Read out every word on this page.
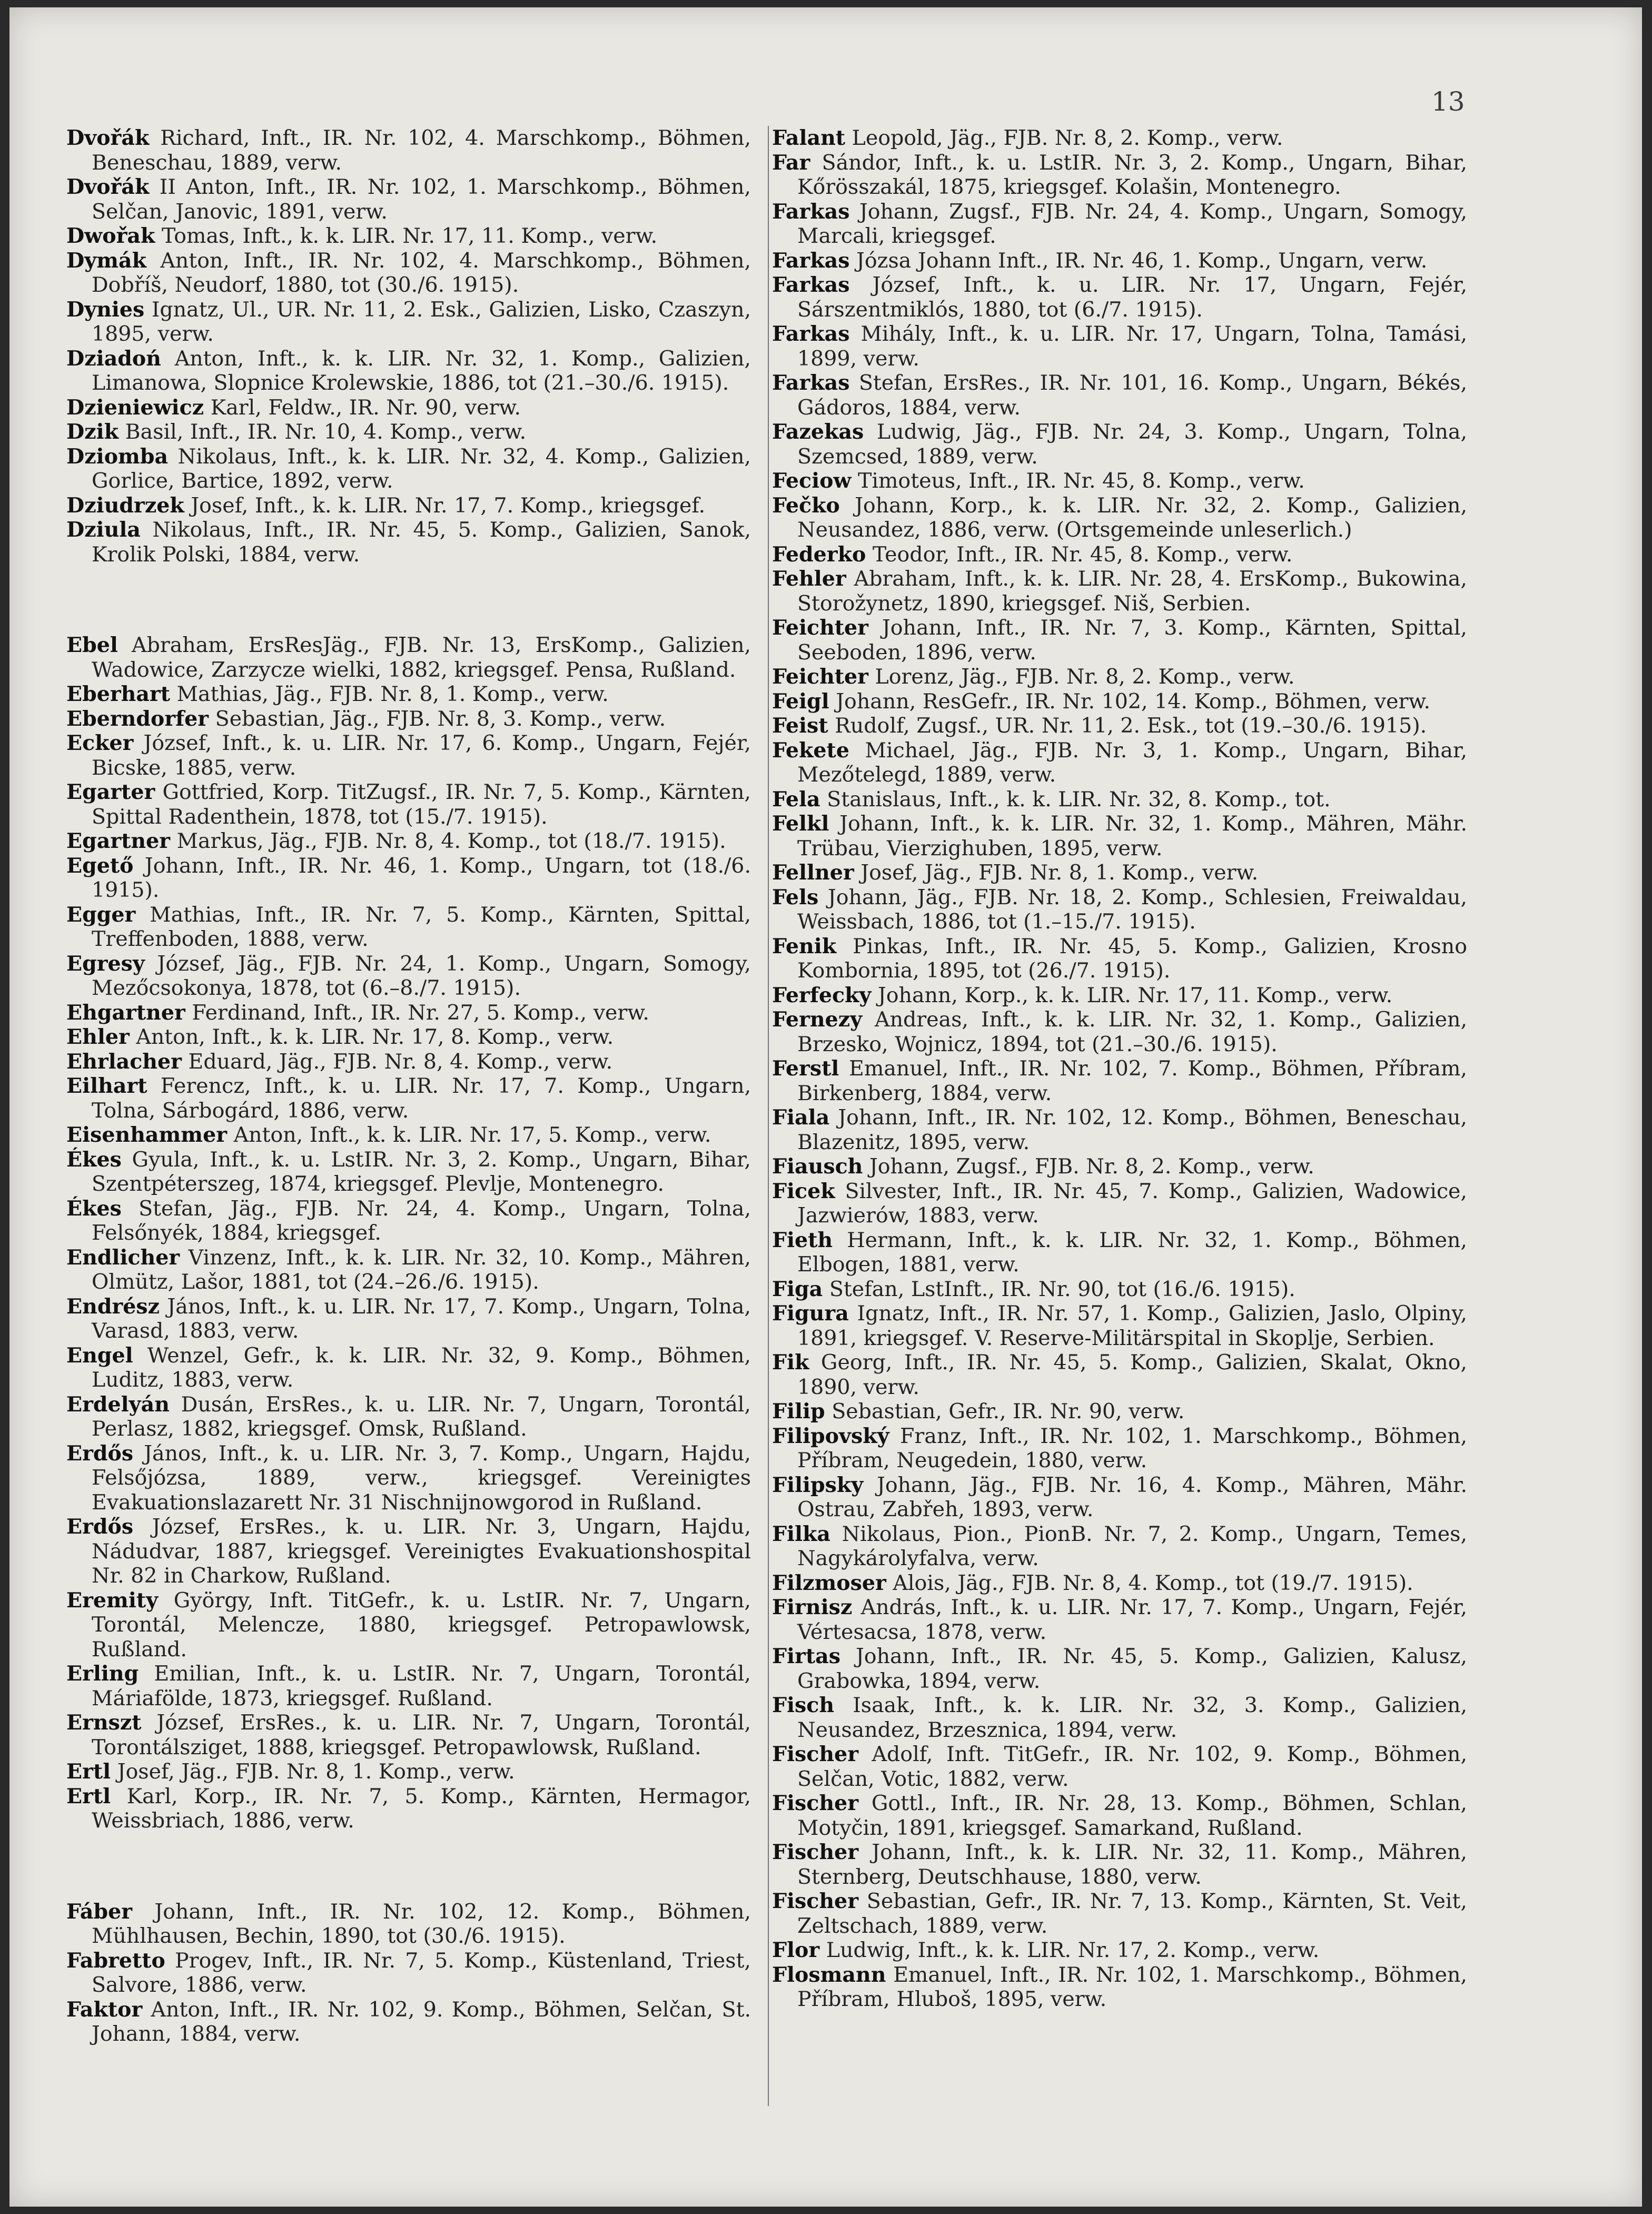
13
Dvořák Richard, Inft., IR. Nr. 102, 4. Marschkomp., Böhmen, Beneschau, 1889, verw.
Dvořák II Anton, Inft., IR. Nr. 102, 1. Marschkomp., Böhmen, Selčan, Janovic, 1891, verw.
Dwořak Tomas, Inft., k. k. LIR. Nr. 17, 11. Komp., verw.
Dymák Anton, Inft., IR. Nr. 102, 4. Marschkomp., Böhmen, Dobříš, Neudorf, 1880, tot (30./6. 1915).
Dynies Ignatz, Ul., UR. Nr. 11, 2. Esk., Galizien, Lisko, Czaszyn, 1895, verw.
Dziadoń Anton, Inft., k. k. LIR. Nr. 32, 1. Komp., Galizien, Limanowa, Slopnice Krolewskie, 1886, tot (21.–30./6. 1915).
Dzieniewicz Karl, Feldw., IR. Nr. 90, verw.
Dzik Basil, Inft., IR. Nr. 10, 4. Komp., verw.
Dziomba Nikolaus, Inft., k. k. LIR. Nr. 32, 4. Komp., Galizien, Gorlice, Bartice, 1892, verw.
Dziudrzek Josef, Inft., k. k. LIR. Nr. 17, 7. Komp., kriegsgef.
Dziula Nikolaus, Inft., IR. Nr. 45, 5. Komp., Galizien, Sanok, Krolik Polski, 1884, verw.
Ebel Abraham, ErsResJäg., FJB. Nr. 13, ErsKomp., Galizien, Wadowice, Zarzycze wielki, 1882, kriegsgef. Pensa, Rußland.
Eberhart Mathias, Jäg., FJB. Nr. 8, 1. Komp., verw.
Eberndorfer Sebastian, Jäg., FJB. Nr. 8, 3. Komp., verw.
Ecker József, Inft., k. u. LIR. Nr. 17, 6. Komp., Ungarn, Fejér, Bicske, 1885, verw.
Egarter Gottfried, Korp. TitZugsf., IR. Nr. 7, 5. Komp., Kärnten, Spittal Radenthein, 1878, tot (15./7. 1915).
Egartner Markus, Jäg., FJB. Nr. 8, 4. Komp., tot (18./7. 1915).
Egető Johann, Inft., IR. Nr. 46, 1. Komp., Ungarn, tot (18./6. 1915).
Egger Mathias, Inft., IR. Nr. 7, 5. Komp., Kärnten, Spittal, Treffenboden, 1888, verw.
Egresy József, Jäg., FJB. Nr. 24, 1. Komp., Ungarn, Somogy, Mezőcsokonya, 1878, tot (6.–8./7. 1915).
Ehgartner Ferdinand, Inft., IR. Nr. 27, 5. Komp., verw.
Ehler Anton, Inft., k. k. LIR. Nr. 17, 8. Komp., verw.
Ehrlacher Eduard, Jäg., FJB. Nr. 8, 4. Komp., verw.
Eilhart Ferencz, Inft., k. u. LIR. Nr. 17, 7. Komp., Ungarn, Tolna, Sárbogárd, 1886, verw.
Eisenhammer Anton, Inft., k. k. LIR. Nr. 17, 5. Komp., verw.
Ékes Gyula, Inft., k. u. LstIR. Nr. 3, 2. Komp., Ungarn, Bihar, Szentpéterszeg, 1874, kriegsgef. Plevlje, Montenegro.
Ékes Stefan, Jäg., FJB. Nr. 24, 4. Komp., Ungarn, Tolna, Felsőnyék, 1884, kriegsgef.
Endlicher Vinzenz, Inft., k. k. LIR. Nr. 32, 10. Komp., Mähren, Olmütz, Lašor, 1881, tot (24.–26./6. 1915).
Endrész János, Inft., k. u. LIR. Nr. 17, 7. Komp., Ungarn, Tolna, Varasd, 1883, verw.
Engel Wenzel, Gefr., k. k. LIR. Nr. 32, 9. Komp., Böhmen, Luditz, 1883, verw.
Erdelyán Dusán, ErsRes., k. u. LIR. Nr. 7, Ungarn, Torontál, Perlasz, 1882, kriegsgef. Omsk, Rußland.
Erdős János, Inft., k. u. LIR. Nr. 3, 7. Komp., Ungarn, Hajdu, Felsőjózsa, 1889, verw., kriegsgef. Vereinigtes Evakuationslazarett Nr. 31 Nischnijnowgorod in Rußland.
Erdős József, ErsRes., k. u. LIR. Nr. 3, Ungarn, Hajdu, Nádudvar, 1887, kriegsgef. Vereinigtes Evakuationshospital Nr. 82 in Charkow, Rußland.
Eremity György, Inft. TitGefr., k. u. LstIR. Nr. 7, Ungarn, Torontál, Melencze, 1880, kriegsgef. Petropawlowsk, Rußland.
Erling Emilian, Inft., k. u. LstIR. Nr. 7, Ungarn, Torontál, Máriafölde, 1873, kriegsgef. Rußland.
Ernszt József, ErsRes., k. u. LIR. Nr. 7, Ungarn, Torontál, Torontálsziget, 1888, kriegsgef. Petropawlowsk, Rußland.
Ertl Josef, Jäg., FJB. Nr. 8, 1. Komp., verw.
Ertl Karl, Korp., IR. Nr. 7, 5. Komp., Kärnten, Hermagor, Weissbriach, 1886, verw.
Fáber Johann, Inft., IR. Nr. 102, 12. Komp., Böhmen, Mühlhausen, Bechin, 1890, tot (30./6. 1915).
Fabretto Progev, Inft., IR. Nr. 7, 5. Komp., Küstenland, Triest, Salvore, 1886, verw.
Faktor Anton, Inft., IR. Nr. 102, 9. Komp., Böhmen, Selčan, St. Johann, 1884, verw.
Falant Leopold, Jäg., FJB. Nr. 8, 2. Komp., verw.
Far Sándor, Inft., k. u. LstIR. Nr. 3, 2. Komp., Ungarn, Bihar, Kőrösszakál, 1875, kriegsgef. Kolašin, Montenegro.
Farkas Johann, Zugsf., FJB. Nr. 24, 4. Komp., Ungarn, Somogy, Marcali, kriegsgef.
Farkas Józsa Johann Inft., IR. Nr. 46, 1. Komp., Ungarn, verw.
Farkas József, Inft., k. u. LIR. Nr. 17, Ungarn, Fejér, Sárszentmiklós, 1880, tot (6./7. 1915).
Farkas Mihály, Inft., k. u. LIR. Nr. 17, Ungarn, Tolna, Tamási, 1899, verw.
Farkas Stefan, ErsRes., IR. Nr. 101, 16. Komp., Ungarn, Békés, Gádoros, 1884, verw.
Fazekas Ludwig, Jäg., FJB. Nr. 24, 3. Komp., Ungarn, Tolna, Szemcsed, 1889, verw.
Feciow Timoteus, Inft., IR. Nr. 45, 8. Komp., verw.
Fečko Johann, Korp., k. k. LIR. Nr. 32, 2. Komp., Galizien, Neusandez, 1886, verw. (Ortsgemeinde unleserlich.)
Federko Teodor, Inft., IR. Nr. 45, 8. Komp., verw.
Fehler Abraham, Inft., k. k. LIR. Nr. 28, 4. ErsKomp., Bukowina, Storožynetz, 1890, kriegsgef. Niš, Serbien.
Feichter Johann, Inft., IR. Nr. 7, 3. Komp., Kärnten, Spittal, Seeboden, 1896, verw.
Feichter Lorenz, Jäg., FJB. Nr. 8, 2. Komp., verw.
Feigl Johann, ResGefr., IR. Nr. 102, 14. Komp., Böhmen, verw.
Feist Rudolf, Zugsf., UR. Nr. 11, 2. Esk., tot (19.–30./6. 1915).
Fekete Michael, Jäg., FJB. Nr. 3, 1. Komp., Ungarn, Bihar, Mezőtelegd, 1889, verw.
Fela Stanislaus, Inft., k. k. LIR. Nr. 32, 8. Komp., tot.
Felkl Johann, Inft., k. k. LIR. Nr. 32, 1. Komp., Mähren, Mähr. Trübau, Vierzighuben, 1895, verw.
Fellner Josef, Jäg., FJB. Nr. 8, 1. Komp., verw.
Fels Johann, Jäg., FJB. Nr. 18, 2. Komp., Schlesien, Freiwaldau, Weissbach, 1886, tot (1.–15./7. 1915).
Fenik Pinkas, Inft., IR. Nr. 45, 5. Komp., Galizien, Krosno Kombornia, 1895, tot (26./7. 1915).
Ferfecky Johann, Korp., k. k. LIR. Nr. 17, 11. Komp., verw.
Fernezy Andreas, Inft., k. k. LIR. Nr. 32, 1. Komp., Galizien, Brzesko, Wojnicz, 1894, tot (21.–30./6. 1915).
Ferstl Emanuel, Inft., IR. Nr. 102, 7. Komp., Böhmen, Příbram, Birkenberg, 1884, verw.
Fiala Johann, Inft., IR. Nr. 102, 12. Komp., Böhmen, Beneschau, Blazenitz, 1895, verw.
Fiausch Johann, Zugsf., FJB. Nr. 8, 2. Komp., verw.
Ficek Silvester, Inft., IR. Nr. 45, 7. Komp., Galizien, Wadowice, Jazwierów, 1883, verw.
Fieth Hermann, Inft., k. k. LIR. Nr. 32, 1. Komp., Böhmen, Elbogen, 1881, verw.
Figa Stefan, LstInft., IR. Nr. 90, tot (16./6. 1915).
Figura Ignatz, Inft., IR. Nr. 57, 1. Komp., Galizien, Jaslo, Olpiny, 1891, kriegsgef. V. Reserve-Militärspital in Skoplje, Serbien.
Fik Georg, Inft., IR. Nr. 45, 5. Komp., Galizien, Skalat, Okno, 1890, verw.
Filip Sebastian, Gefr., IR. Nr. 90, verw.
Filipovský Franz, Inft., IR. Nr. 102, 1. Marschkomp., Böhmen, Příbram, Neugedein, 1880, verw.
Filipsky Johann, Jäg., FJB. Nr. 16, 4. Komp., Mähren, Mähr. Ostrau, Zabřeh, 1893, verw.
Filka Nikolaus, Pion., PionB. Nr. 7, 2. Komp., Ungarn, Temes, Nagykárolyfalva, verw.
Filzmoser Alois, Jäg., FJB. Nr. 8, 4. Komp., tot (19./7. 1915).
Firnisz András, Inft., k. u. LIR. Nr. 17, 7. Komp., Ungarn, Fejér, Vértesacsa, 1878, verw.
Firtas Johann, Inft., IR. Nr. 45, 5. Komp., Galizien, Kalusz, Grabowka, 1894, verw.
Fisch Isaak, Inft., k. k. LIR. Nr. 32, 3. Komp., Galizien, Neusandez, Brzesznica, 1894, verw.
Fischer Adolf, Inft. TitGefr., IR. Nr. 102, 9. Komp., Böhmen, Selčan, Votic, 1882, verw.
Fischer Gottl., Inft., IR. Nr. 28, 13. Komp., Böhmen, Schlan, Motyčin, 1891, kriegsgef. Samarkand, Rußland.
Fischer Johann, Inft., k. k. LIR. Nr. 32, 11. Komp., Mähren, Sternberg, Deutschhause, 1880, verw.
Fischer Sebastian, Gefr., IR. Nr. 7, 13. Komp., Kärnten, St. Veit, Zeltschach, 1889, verw.
Flor Ludwig, Inft., k. k. LIR. Nr. 17, 2. Komp., verw.
Flosmann Emanuel, Inft., IR. Nr. 102, 1. Marschkomp., Böhmen, Příbram, Hluboš, 1895, verw.
